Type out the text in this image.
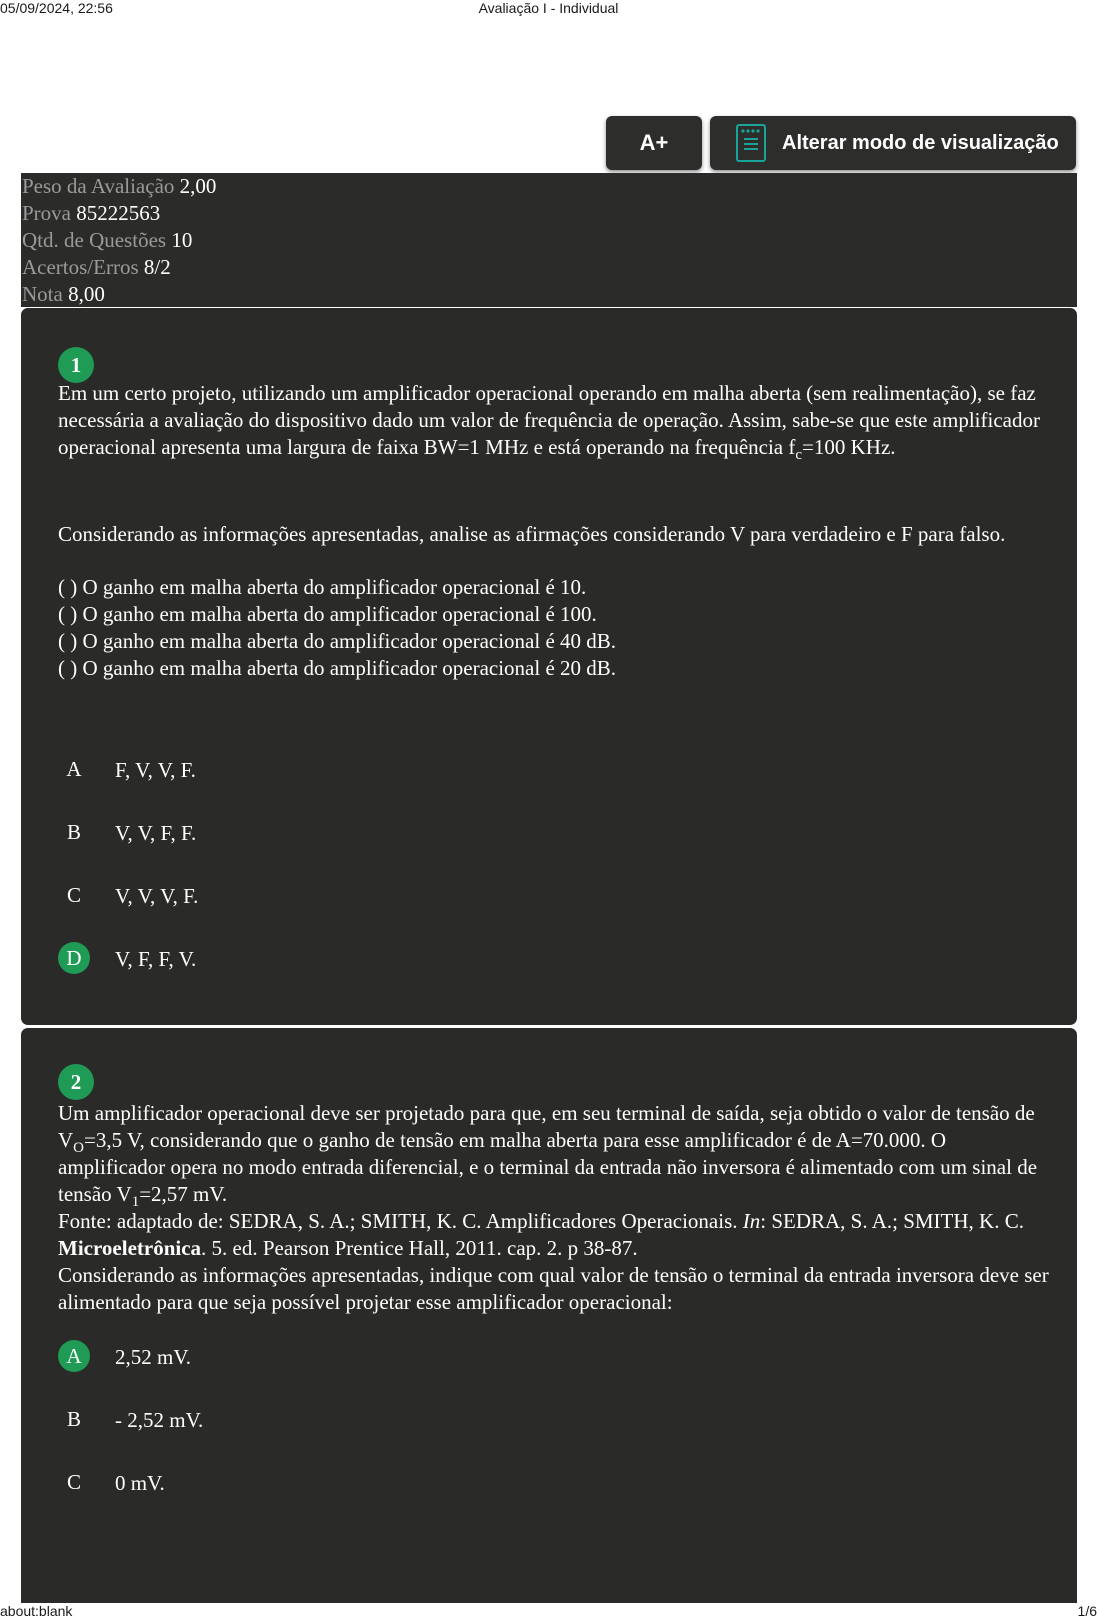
05/09/2024, 22:56	Avaliação I - Individual
A+	Alterar modo de visualização
Peso da Avaliação 2,00
Prova 85222563
Qtd. de Questões 10
Acertos/Erros 8/2
Nota 8,00
1

Em um certo projeto, utilizando um amplificador operacional operando em malha aberta (sem realimentação), se faz necessária a avaliação do dispositivo dado um valor de frequência de operação. Assim, sabe-se que este amplificador operacional apresenta uma largura de faixa BW=1 MHz e está operando na frequência $f_c=100$ KHz.

Considerando as informações apresentadas, analise as afirmações considerando V para verdadeiro e F para falso.

( ) O ganho em malha aberta do amplificador operacional é 10.
( ) O ganho em malha aberta do amplificador operacional é 100.
( ) O ganho em malha aberta do amplificador operacional é 40 dB.
( ) O ganho em malha aberta do amplificador operacional é 20 dB.
A	F, V, V, F.
B	V, V, F, F.
C	V, V, V, F.
D	V, F, F, V.
2

Um amplificador operacional deve ser projetado para que, em seu terminal de saída, seja obtido o valor de tensão de $V_O=3,5$ V, considerando que o ganho de tensão em malha aberta para esse amplificador é de A=70.000. O amplificador opera no modo entrada diferencial, e o terminal da entrada não inversora é alimentado com um sinal de tensão $V_1=2,57$ mV.

Fonte: adaptado de: SEDRA, S. A.; SMITH, K. C. Amplificadores Operacionais. In: SEDRA, S. A.; SMITH, K. C. Microeletrônica. 5. ed. Pearson Prentice Hall, 2011. cap. 2. p 38-87.

Considerando as informações apresentadas, indique com qual valor de tensão o terminal da entrada inversora deve ser alimentado para que seja possível projetar esse amplificador operacional:

A	2,52 mV.
B	- 2,52 mV.
C	0 mV.
about:blank	1/6
